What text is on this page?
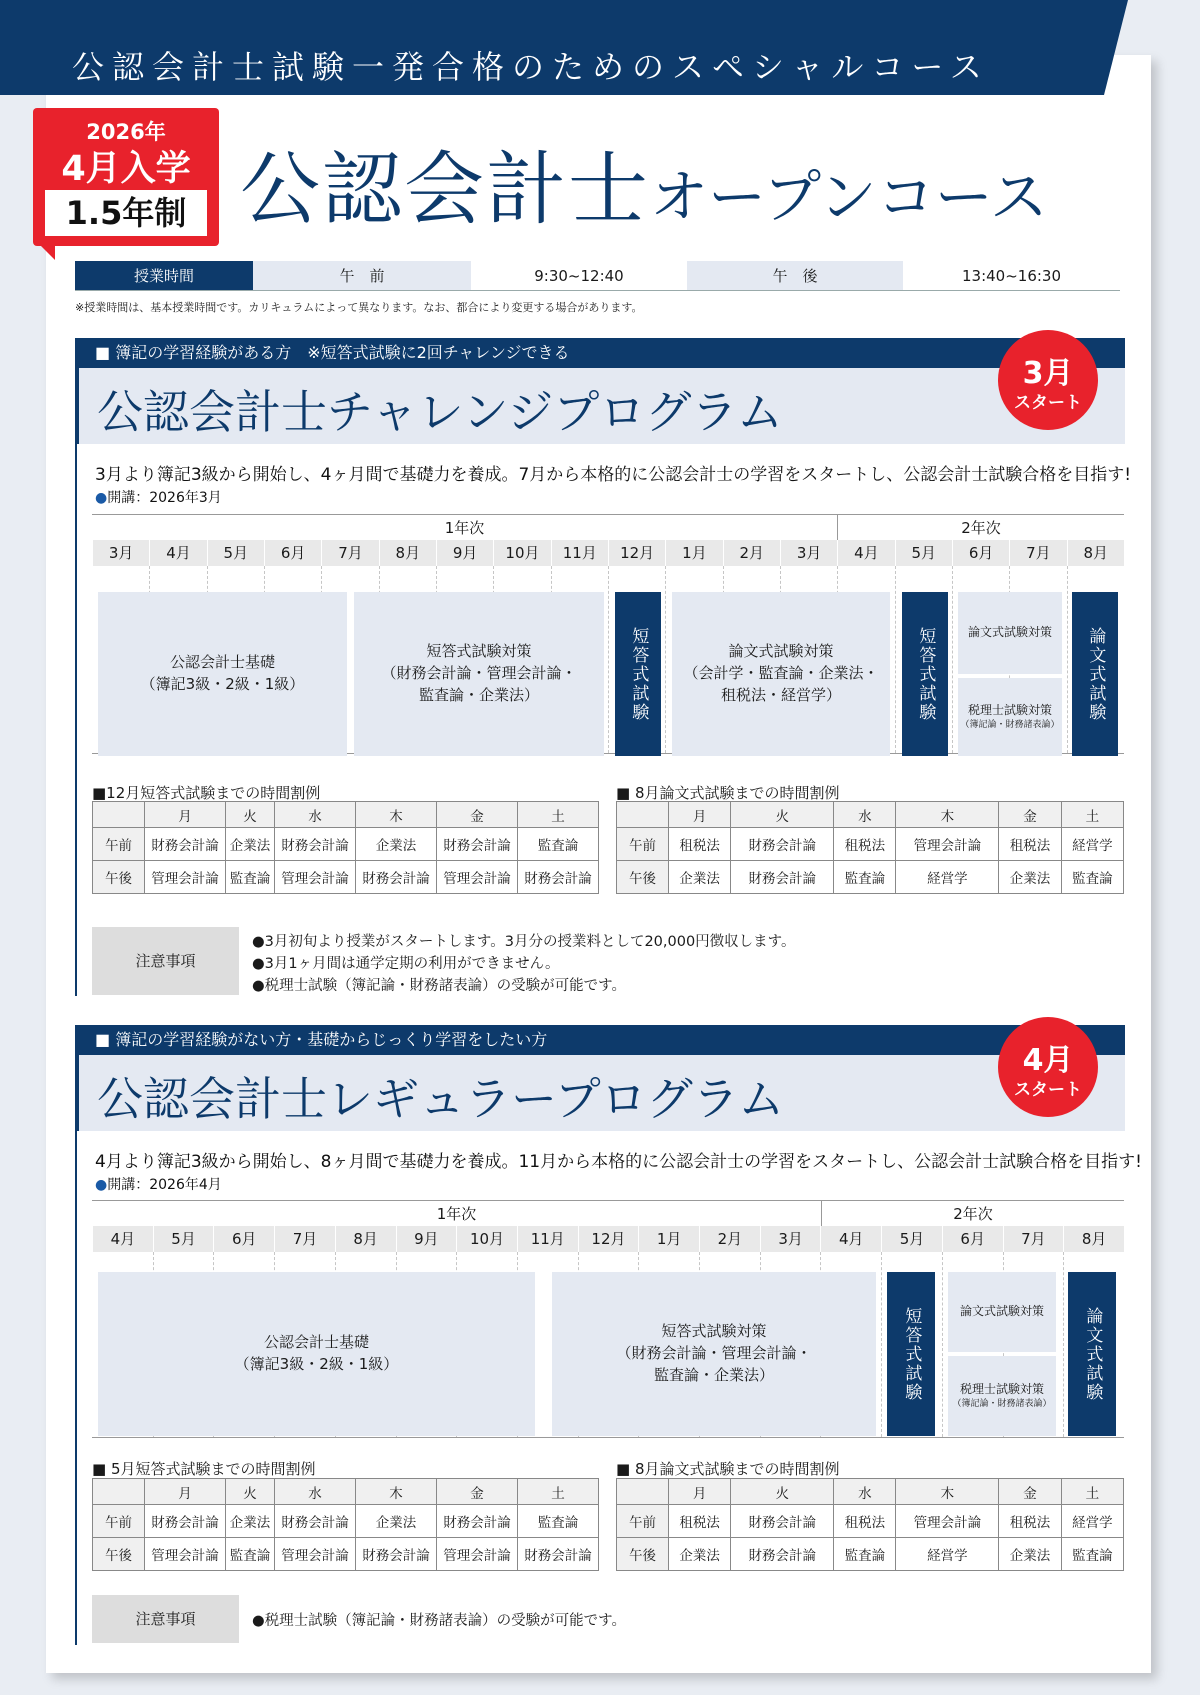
公認会計士試験一発合格のためのスペシャルコース
2026年
4月入学
1.5年制 公認会計士オープンコース
授業時間	午　前	9:30~12:40	午　後	13:40~16:30
※授業時間は、基本授業時間です。カリキュラムによって異なります。なお、都合により変更する場合があります。
■ 簿記の学習経験がある方　※短答式試験に2回チャレンジできる
公認会計士チャレンジプログラム
3月
スタート
3月より簿記3級から開始し、4ヶ月間で基礎力を養成。7月から本格的に公認会計士の学習をスタートし、公認会計士試験合格を目指す!
●開講：2026年3月
1年次	2年次
3月	4月	5月	6月	7月	8月	9月	10月	11月	12月	1月	2月	3月	4月	5月	6月	7月	8月
公認会計士基礎
（簿記3級・2級・1級）
短答式試験対策
（財務会計論・管理会計論・
監査論・企業法）	短答式試験	論文式試験対策
（会計学・監査論・企業法・
租税法・経営学）	短答式試験	論文式試験対策
税理士試験対策
（簿記論・財務諸表論）
論文式試験
■12月短答式試験までの時間割例	■ 8月論文式試験までの時間割例
	月	火	水	木	金	土
午前	財務会計論	企業法	財務会計論	企業法	財務会計論	監査論
午後	管理会計論	監査論	管理会計論	財務会計論	管理会計論	財務会計論
	月	火	水	木	金	土
午前	租税法	財務会計論	租税法	管理会計論	租税法	経営学
午後	企業法	財務会計論	監査論	経営学	企業法	監査論
注意事項
●3月初旬より授業がスタートします。3月分の授業料として20,000円徴収します。
●3月1ヶ月間は通学定期の利用ができません。
●税理士試験（簿記論・財務諸表論）の受験が可能です。
■ 簿記の学習経験がない方・基礎からじっくり学習をしたい方
公認会計士レギュラープログラム
4月
スタート
4月より簿記3級から開始し、8ヶ月間で基礎力を養成。11月から本格的に公認会計士の学習をスタートし、公認会計士試験合格を目指す!
●開講：2026年4月
1年次	2年次
4月	5月	6月	7月	8月	9月	10月	11月	12月	1月	2月	3月	4月	5月	6月	7月	8月
公認会計士基礎
（簿記3級・2級・1級）
短答式試験対策
（財務会計論・管理会計論・
監査論・企業法）	短答式試験	論文式試験対策
税理士試験対策
（簿記論・財務諸表論）
論文式試験
■ 5月短答式試験までの時間割例	■ 8月論文式試験までの時間割例
	月	火	水	木	金	土
午前	財務会計論	企業法	財務会計論	企業法	財務会計論	監査論
午後	管理会計論	監査論	管理会計論	財務会計論	管理会計論	財務会計論
	月	火	水	木	金	土
午前	租税法	財務会計論	租税法	管理会計論	租税法	経営学
午後	企業法	財務会計論	監査論	経営学	企業法	監査論
注意事項	●税理士試験（簿記論・財務諸表論）の受験が可能です。
